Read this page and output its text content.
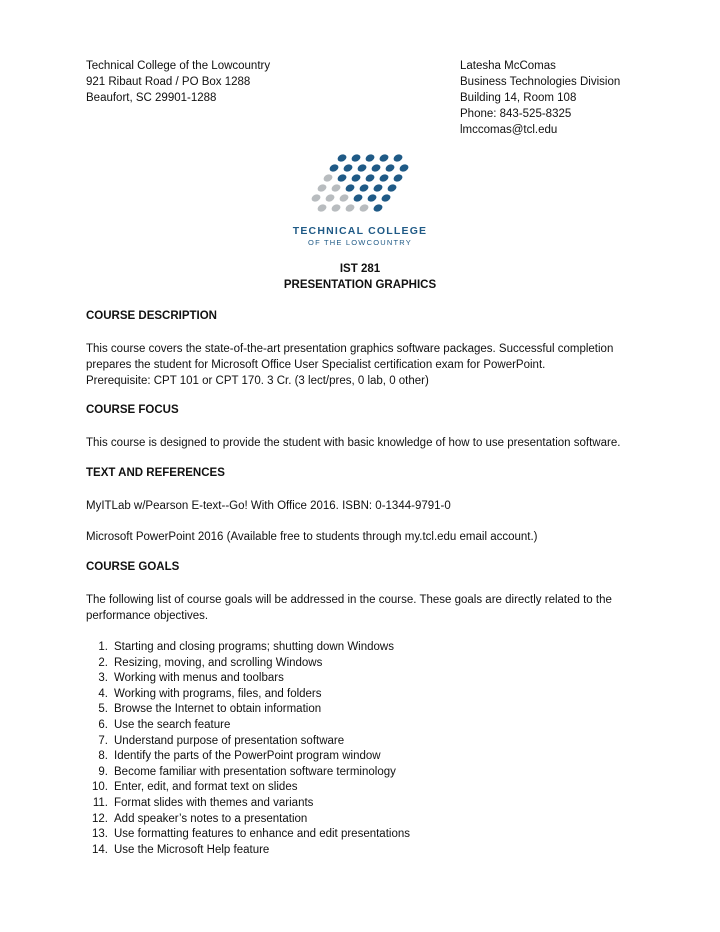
Technical College of the Lowcountry
921 Ribaut Road / PO Box 1288
Beaufort, SC 29901-1288
Latesha McComas
Business Technologies Division
Building 14, Room 108
Phone: 843-525-8325
lmccomas@tcl.edu
TECHNICAL COLLEGE
OF THE LOWCOUNTRY
IST 281
PRESENTATION GRAPHICS
COURSE DESCRIPTION
This course covers the state-of-the-art presentation graphics software packages. Successful completion
prepares the student for Microsoft Office User Specialist certification exam for PowerPoint.
Prerequisite: CPT 101 or CPT 170. 3 Cr. (3 lect/pres, 0 lab, 0 other)
COURSE FOCUS
This course is designed to provide the student with basic knowledge of how to use presentation software.
TEXT AND REFERENCES
MyITLab w/Pearson E-text--Go! With Office 2016. ISBN: 0-1344-9791-0
Microsoft PowerPoint 2016 (Available free to students through my.tcl.edu email account.)
COURSE GOALS
The following list of course goals will be addressed in the course. These goals are directly related to the
performance objectives.
1. Starting and closing programs; shutting down Windows
2. Resizing, moving, and scrolling Windows
3. Working with menus and toolbars
4. Working with programs, files, and folders
5. Browse the Internet to obtain information
6. Use the search feature
7. Understand purpose of presentation software
8. Identify the parts of the PowerPoint program window
9. Become familiar with presentation software terminology
10. Enter, edit, and format text on slides
11. Format slides with themes and variants
12. Add speaker’s notes to a presentation
13. Use formatting features to enhance and edit presentations
14. Use the Microsoft Help feature
